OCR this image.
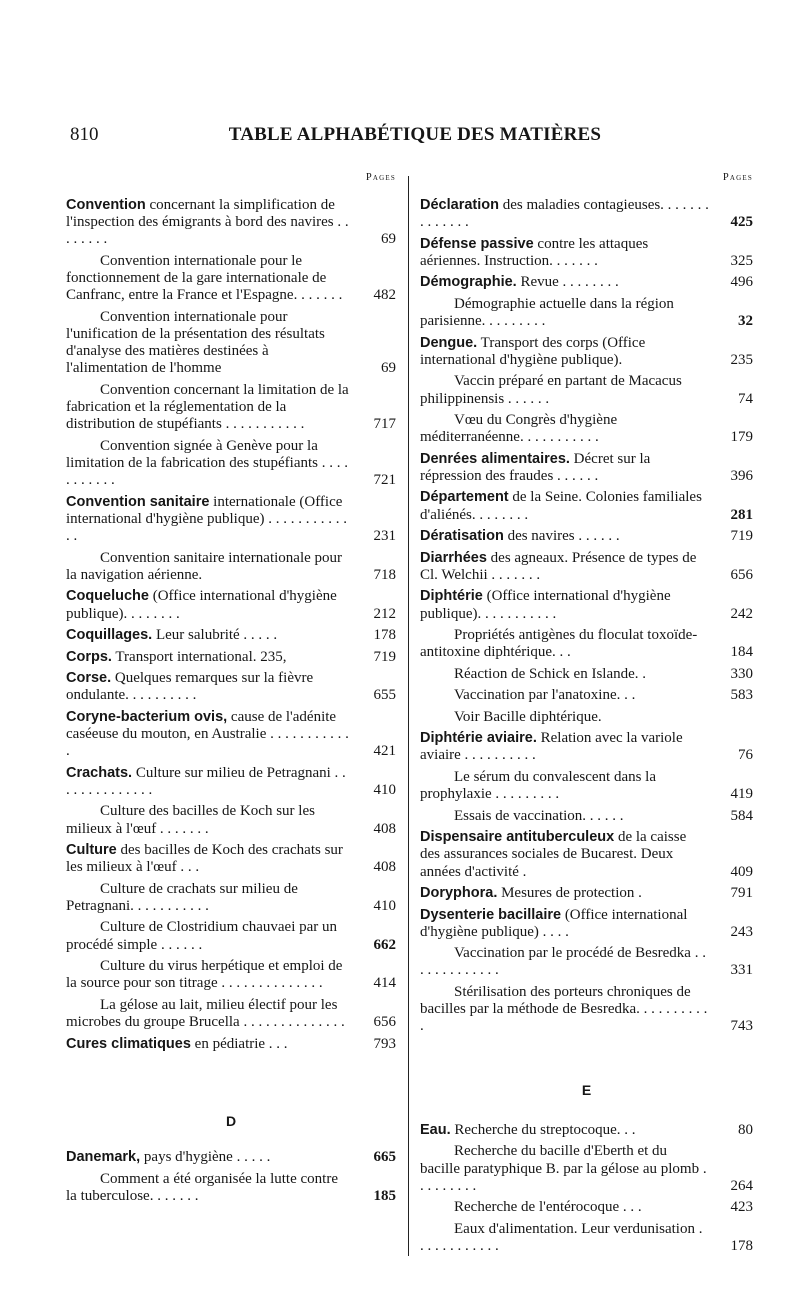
810	TABLE ALPHABÉTIQUE DES MATIÈRES
Pages
Convention concernant la simplification de l'inspection des émigrants à bord des navires . . . . . . . .	69
Convention internationale pour le fonctionnement de la gare internationale de Canfranc, entre la France et l'Espagne. . . . . . .	482
Convention internationale pour l'unification de la présentation des résultats d'analyse des matières destinées à l'alimentation de l'homme	69
Convention concernant la limitation de la fabrication et la réglementation de la distribution de stupéfiants . . . . . . . . . . .	717
Convention signée à Genève pour la limitation de la fabrication des stupéfiants . . . . . . . . . . .	721
Convention sanitaire internationale (Office international d'hygiène publique) . . . . . . . . . . . . .	231
Convention sanitaire internationale pour la navigation aérienne.	718
Coqueluche (Office international d'hygiène publique). . . . . . . .	212
Coquillages. Leur salubrité . . . . .	178
Corps. Transport international. 235,	719
Corse. Quelques remarques sur la fièvre ondulante. . . . . . . . . .	655
Coryne-bacterium ovis, cause de l'adénite caséeuse du mouton, en Australie . . . . . . . . . . . .	421
Crachats. Culture sur milieu de Petragnani . . . . . . . . . . . . . .	410
Culture des bacilles de Koch sur les milieux à l'œuf . . . . . . .	408
Culture des bacilles de Koch des crachats sur les milieux à l'œuf . . .	408
Culture de crachats sur milieu de Petragnani. . . . . . . . . . .	410
Culture de Clostridium chauvaei par un procédé simple . . . . . .	662
Culture du virus herpétique et emploi de la source pour son titrage . . . . . . . . . . . . . .	414
La gélose au lait, milieu électif pour les microbes du groupe Brucella . . . . . . . . . . . . . .	656
Cures climatiques en pédiatrie . . .	793
D
Danemark, pays d'hygiène . . . . .	665
Comment a été organisée la lutte contre la tuberculose. . . . . . .	185
Pages
Déclaration des maladies contagieuses. . . . . . . . . . . . . .	425
Défense passive contre les attaques aériennes. Instruction. . . . . . .	325
Démographie. Revue . . . . . . . .	496
Démographie actuelle dans la région parisienne. . . . . . . . .	32
Dengue. Transport des corps (Office international d'hygiène publique).	235
Vaccin préparé en partant de Macacus philippinensis . . . . . .	74
Vœu du Congrès d'hygiène méditerranéenne. . . . . . . . . . .	179
Denrées alimentaires. Décret sur la répression des fraudes . . . . . .	396
Département de la Seine. Colonies familiales d'aliénés. . . . . . . .	281
Dératisation des navires . . . . . .	719
Diarrhées des agneaux. Présence de types de Cl. Welchii . . . . . . .	656
Diphtérie (Office international d'hygiène publique). . . . . . . . . . .	242
Propriétés antigènes du floculat toxoïde-antitoxine diphtérique. . .	184
Réaction de Schick en Islande. .	330
Vaccination par l'anatoxine. . .	583
Voir Bacille diphtérique.
Diphtérie aviaire. Relation avec la variole aviaire . . . . . . . . . .	76
Le sérum du convalescent dans la prophylaxie . . . . . . . . .	419
Essais de vaccination. . . . . .	584
Dispensaire antituberculeux de la caisse des assurances sociales de Bucarest. Deux années d'activité .	409
Doryphora. Mesures de protection .	791
Dysenterie bacillaire (Office international d'hygiène publique) . . . .	243
Vaccination par le procédé de Besredka . . . . . . . . . . . . .	331
Stérilisation des porteurs chroniques de bacilles par la méthode de Besredka. . . . . . . . . . .	743
E
Eau. Recherche du streptocoque. . .	80
Recherche du bacille d'Eberth et du bacille paratyphique B. par la gélose au plomb . . . . . . . . .	264
Recherche de l'entérocoque . . .	423
Eaux d'alimentation. Leur verdunisation . . . . . . . . . . . .	178
